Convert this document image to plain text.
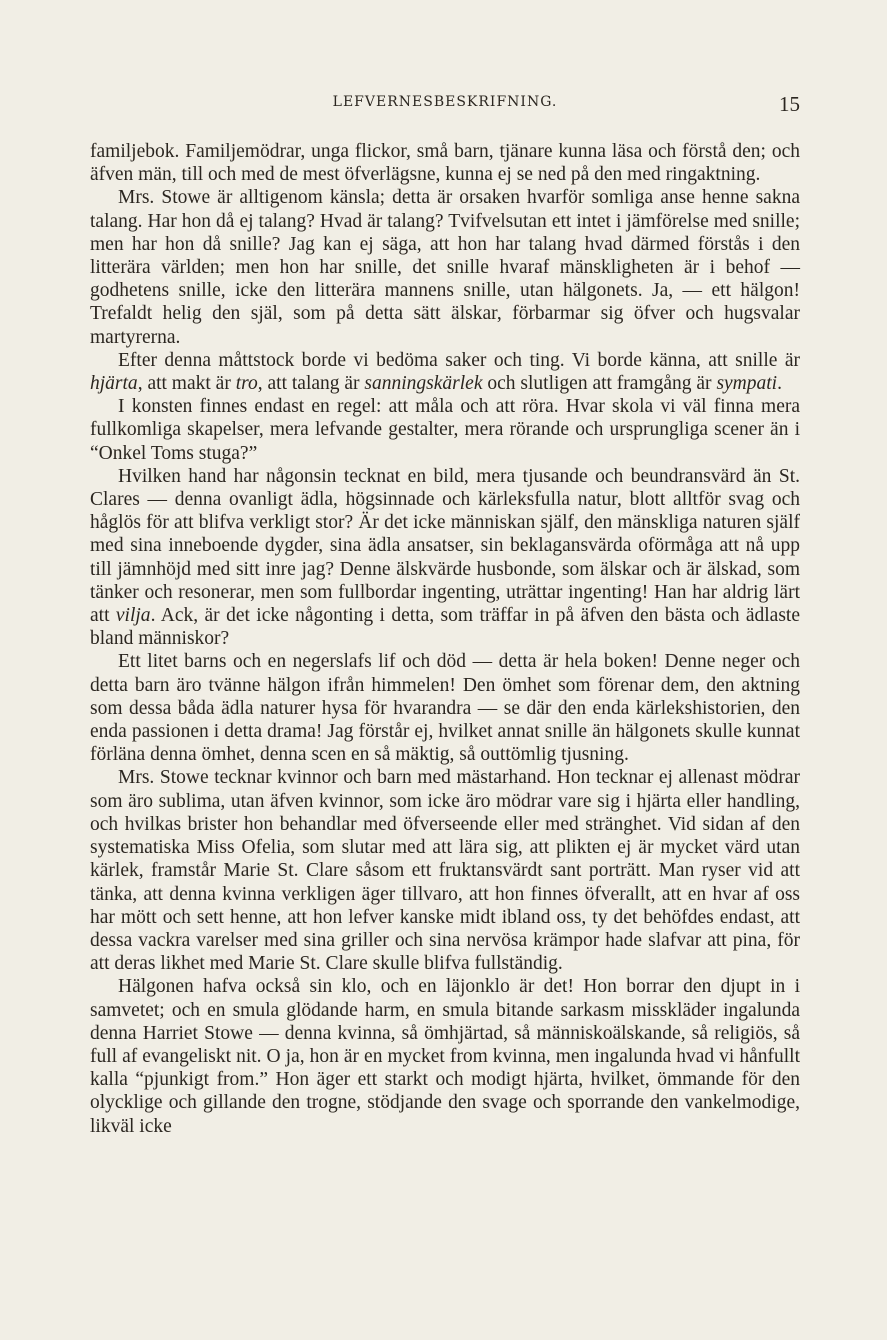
LEFVERNESBESKRIFNING.	15

familjebok. Familjemödrar, unga flickor, små barn, tjänare kunna läsa och förstå den; och äfven män, till och med de mest öfverlägsne, kunna ej se ned på den med ringaktning.

Mrs. Stowe är alltigenom känsla; detta är orsaken hvarför somliga anse henne sakna talang. Har hon då ej talang? Hvad är talang? Tvifvelsutan ett intet i jämförelse med snille; men har hon då snille? Jag kan ej säga, att hon har talang hvad därmed förstås i den litterära världen; men hon har snille, det snille hvaraf mänskligheten är i behof — godhetens snille, icke den litterära mannens snille, utan hälgonets. Ja, — ett hälgon! Trefaldt helig den själ, som på detta sätt älskar, förbarmar sig öfver och hugsvalar martyrerna.

Efter denna måttstock borde vi bedöma saker och ting. Vi borde känna, att snille är hjärta, att makt är tro, att talang är sanningskärlek och slutligen att framgång är sympati.

I konsten finnes endast en regel: att måla och att röra. Hvar skola vi väl finna mera fullkomliga skapelser, mera lefvande gestalter, mera rörande och ursprungliga scener än i “Onkel Toms stuga?”

Hvilken hand har någonsin tecknat en bild, mera tjusande och beundransvärd än St. Clares — denna ovanligt ädla, högsinnade och kärleksfulla natur, blott alltför svag och håglös för att blifva verkligt stor? Är det icke människan själf, den mänskliga naturen själf med sina inneboende dygder, sina ädla ansatser, sin beklagansvärda oförmåga att nå upp till jämnhöjd med sitt inre jag? Denne älskvärde husbonde, som älskar och är älskad, som tänker och resonerar, men som fullbordar ingenting, uträttar ingenting! Han har aldrig lärt att vilja. Ack, är det icke någonting i detta, som träffar in på äfven den bästa och ädlaste bland människor?

Ett litet barns och en negerslafs lif och död — detta är hela boken! Denne neger och detta barn äro tvänne hälgon ifrån himmelen! Den ömhet som förenar dem, den aktning som dessa båda ädla naturer hysa för hvarandra — se där den enda kärlekshistorien, den enda passionen i detta drama! Jag förstår ej, hvilket annat snille än hälgonets skulle kunnat förläna denna ömhet, denna scen en så mäktig, så outtömlig tjusning.

Mrs. Stowe tecknar kvinnor och barn med mästarhand. Hon tecknar ej allenast mödrar som äro sublima, utan äfven kvinnor, som icke äro mödrar vare sig i hjärta eller handling, och hvilkas brister hon behandlar med öfverseende eller med stränghet. Vid sidan af den systematiska Miss Ofelia, som slutar med att lära sig, att plikten ej är mycket värd utan kärlek, framstår Marie St. Clare såsom ett fruktansvärdt sant porträtt. Man ryser vid att tänka, att denna kvinna verkligen äger tillvaro, att hon finnes öfverallt, att en hvar af oss har mött och sett henne, att hon lefver kanske midt ibland oss, ty det behöfdes endast, att dessa vackra varelser med sina griller och sina nervösa krämpor hade slafvar att pina, för att deras likhet med Marie St. Clare skulle blifva fullständig.

Hälgonen hafva också sin klo, och en läjonklo är det! Hon borrar den djupt in i samvetet; och en smula glödande harm, en smula bitande sarkasm misskläder ingalunda denna Harriet Stowe — denna kvinna, så ömhjärtad, så människoälskande, så religiös, så full af evangeliskt nit. O ja, hon är en mycket from kvinna, men ingalunda hvad vi hånfullt kalla “pjunkigt from.” Hon äger ett starkt och modigt hjärta, hvilket, ömmande för den olycklige och gillande den trogne, stödjande den svage och sporrande den vankelmodige, likväl icke
